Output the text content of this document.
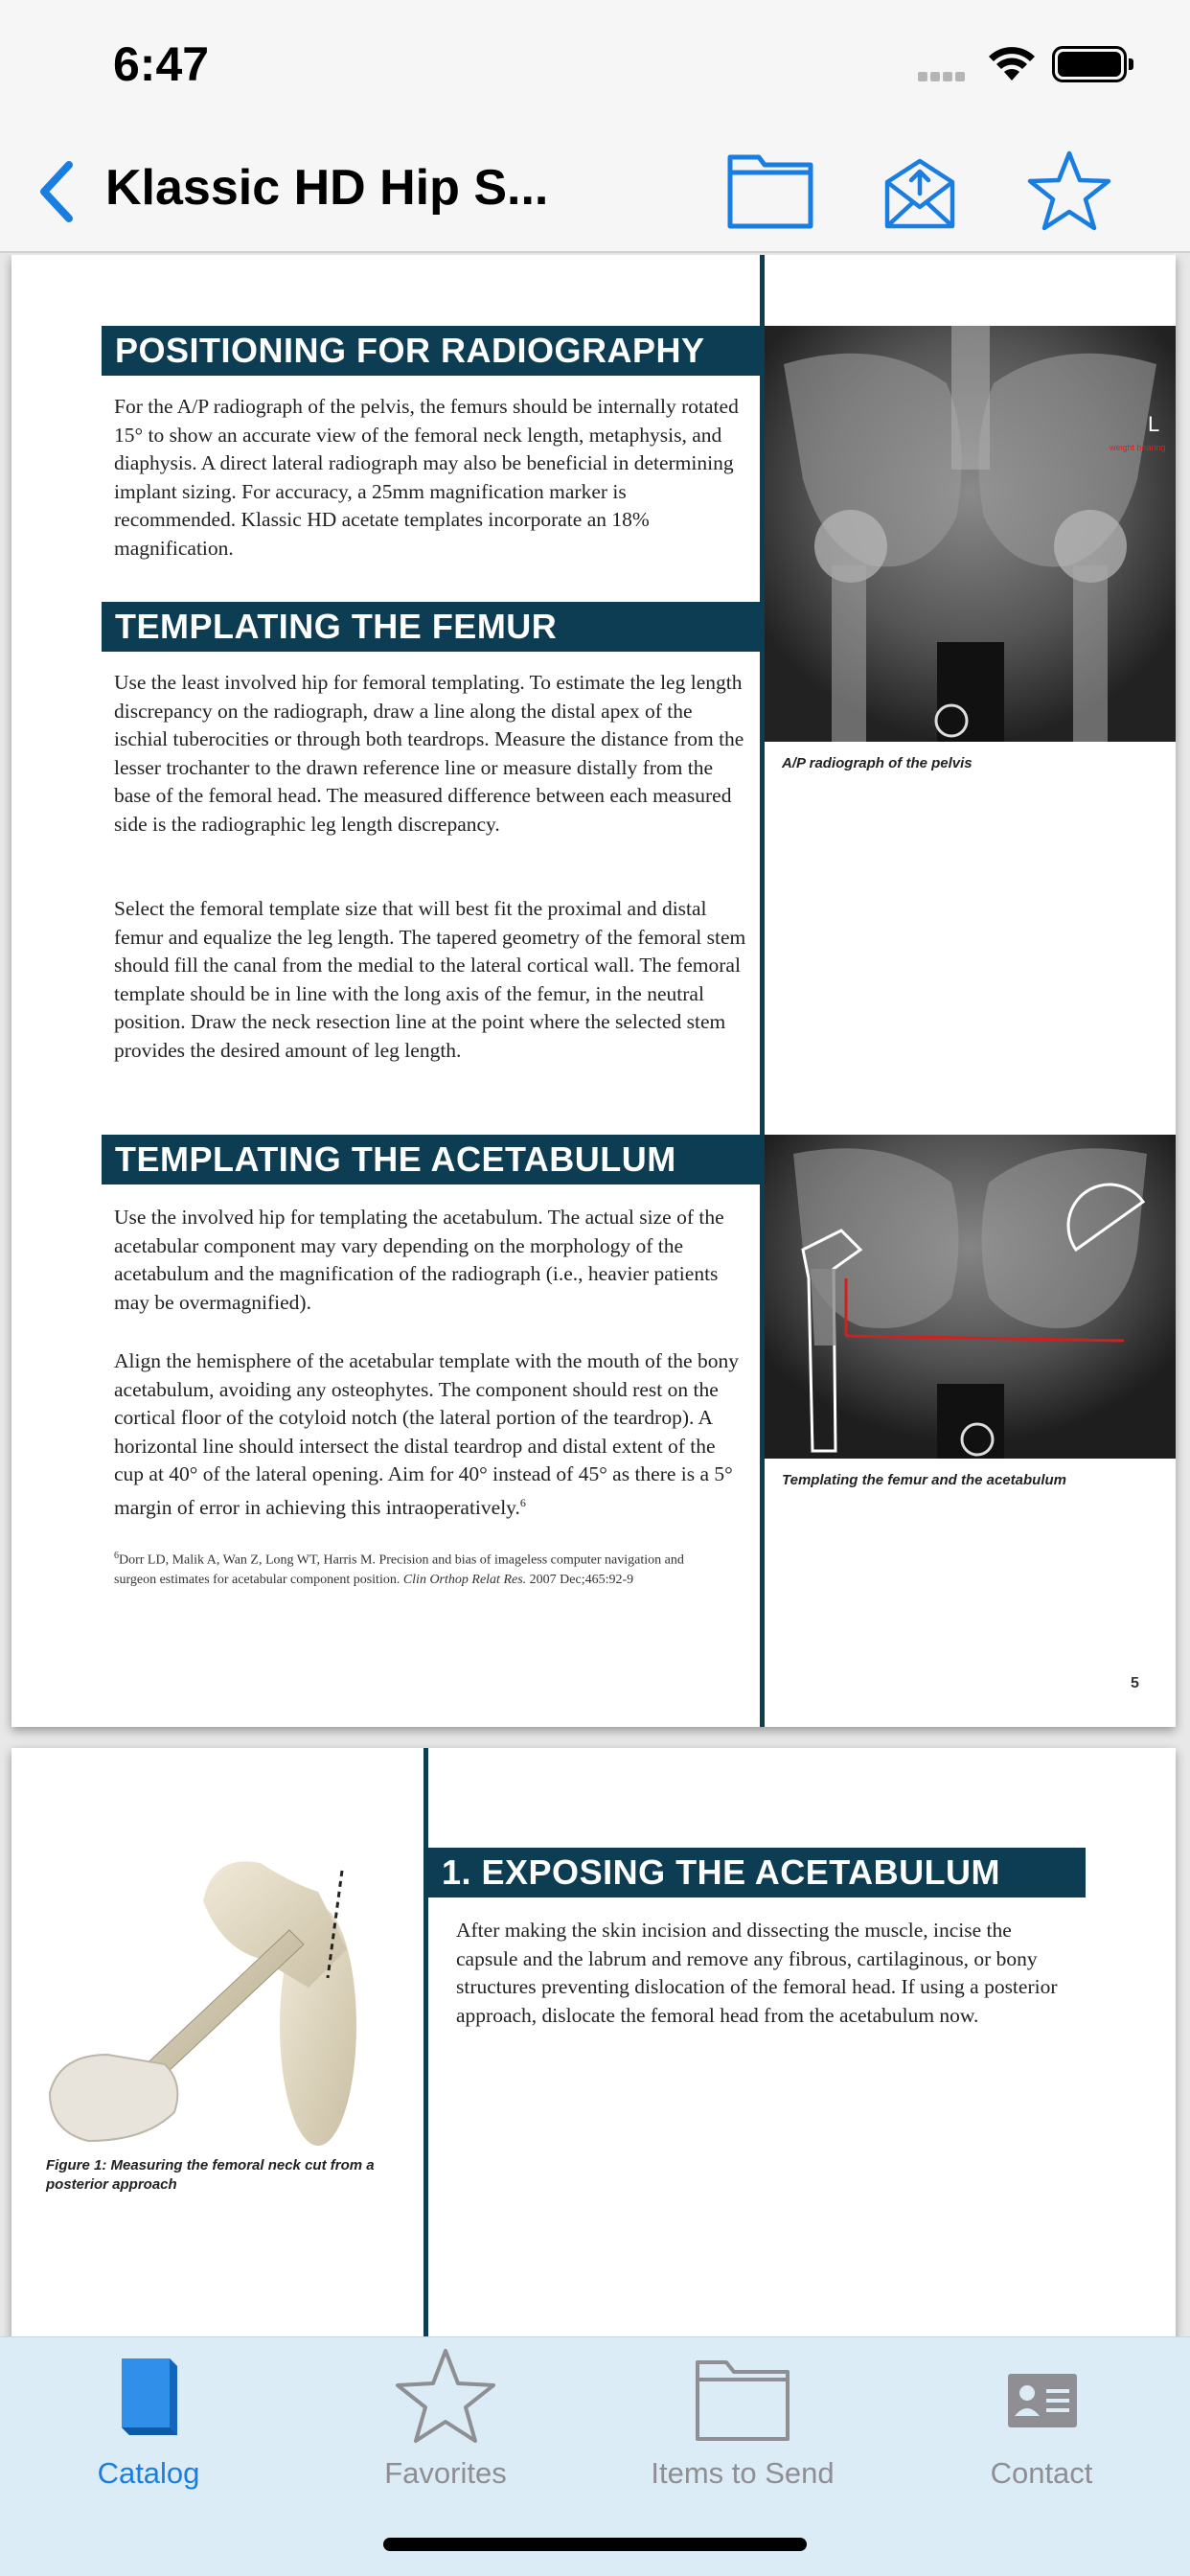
6:47
Klassic HD Hip S...
POSITIONING FOR RADIOGRAPHY
For the A/P radiograph of the pelvis, the femurs should be internally rotated 15° to show an accurate view of the femoral neck length, metaphysis, and diaphysis. A direct lateral radiograph may also be beneficial in determining implant sizing. For accuracy, a 25mm magnification marker is recommended. Klassic HD acetate templates incorporate an 18% magnification.
TEMPLATING THE FEMUR
Use the least involved hip for femoral templating. To estimate the leg length discrepancy on the radiograph, draw a line along the distal apex of the ischial tuberocities or through both teardrops. Measure the distance from the lesser trochanter to the drawn reference line or measure distally from the base of the femoral head. The measured difference between each measured side is the radiographic leg length discrepancy.
Select the femoral template size that will best fit the proximal and distal femur and equalize the leg length. The tapered geometry of the femoral stem should fill the canal from the medial to the lateral cortical wall. The femoral template should be in line with the long axis of the femur, in the neutral position. Draw the neck resection line at the point where the selected stem provides the desired amount of leg length.
TEMPLATING THE ACETABULUM
Use the involved hip for templating the acetabulum. The actual size of the acetabular component may vary depending on the morphology of the acetabulum and the magnification of the radiograph (i.e., heavier patients may be overmagnified).
Align the hemisphere of the acetabular template with the mouth of the bony acetabulum, avoiding any osteophytes. The component should rest on the cortical floor of the cotyloid notch (the lateral portion of the teardrop). A horizontal line should intersect the distal teardrop and distal extent of the cup at 40° of the lateral opening. Aim for 40° instead of 45° as there is a 5° margin of error in achieving this intraoperatively.$^6$
$^6$Dorr LD, Malik A, Wan Z, Long WT, Harris M. Precision and bias of imageless computer navigation and surgeon estimates for acetabular component position. Clin Orthop Relat Res. 2007 Dec;465:92-9
L
weight bearing
A/P radiograph of the pelvis
Templating the femur and the acetabulum
5
Figure 1: Measuring the femoral neck cut from a posterior approach
1. EXPOSING THE ACETABULUM
After making the skin incision and dissecting the muscle, incise the capsule and the labrum and remove any fibrous, cartilaginous, or bony structures preventing dislocation of the femoral head. If using a posterior approach, dislocate the femoral head from the acetabulum now.
Catalog	Favorites	Items to Send	Contact
